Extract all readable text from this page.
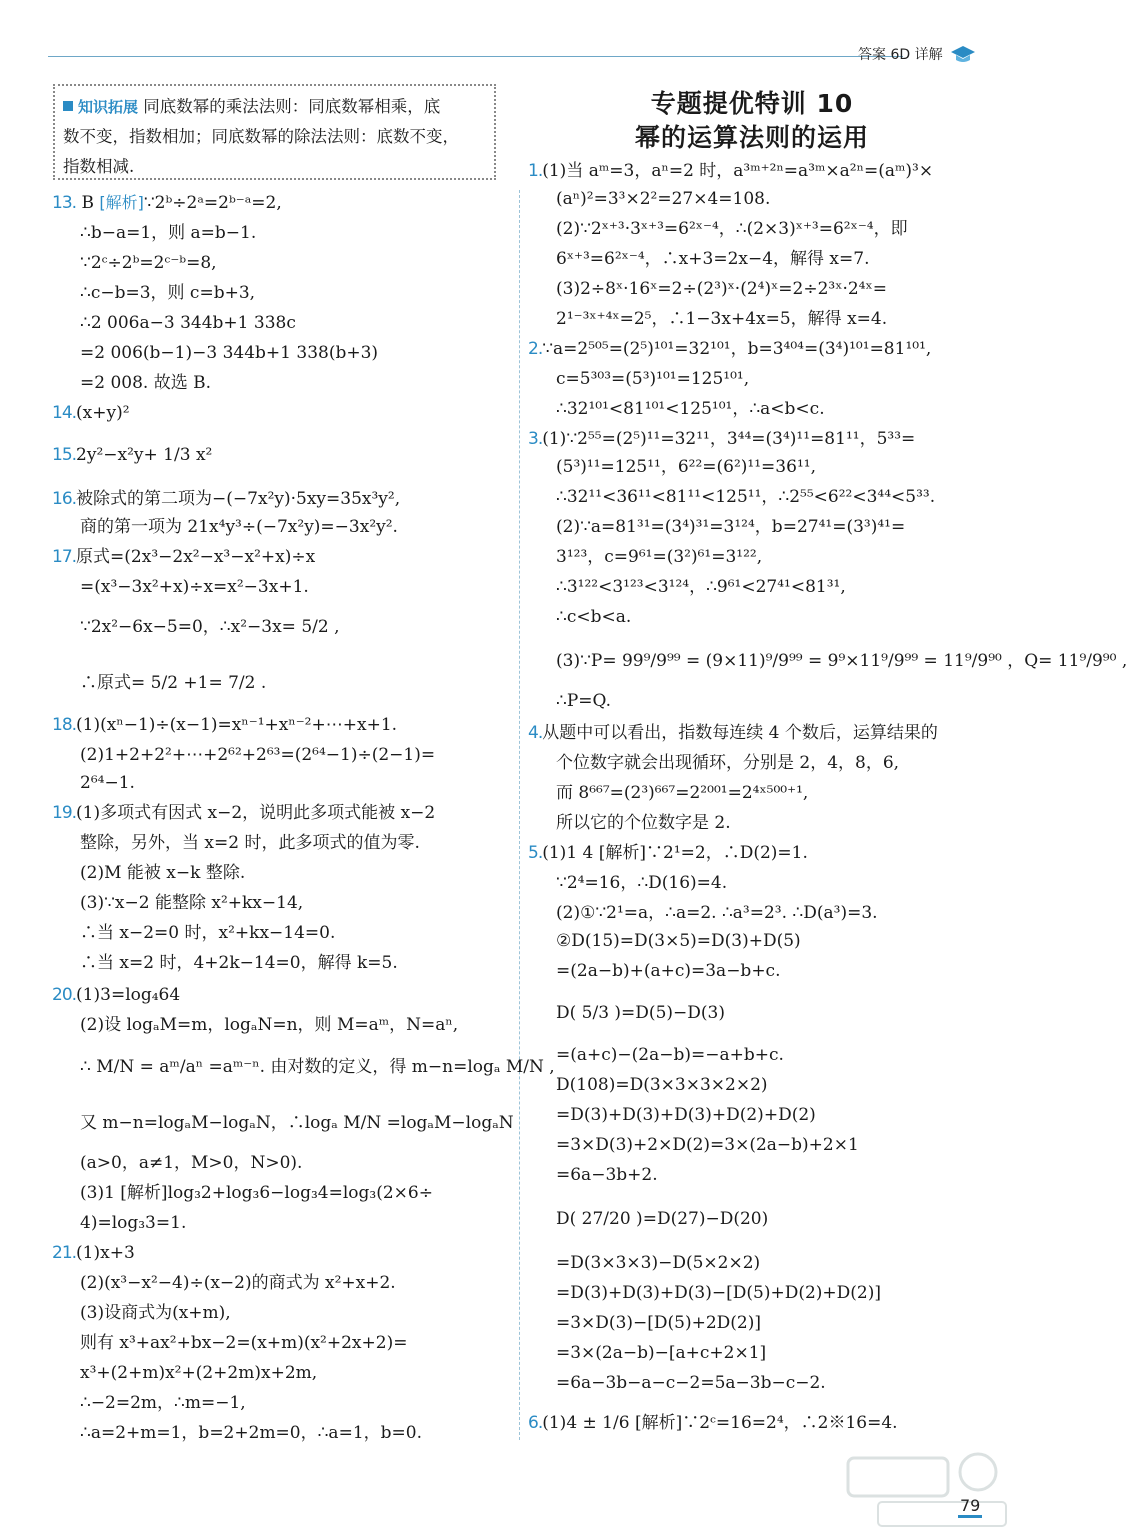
答案 6D 详解
知识拓展 同底数幂的乘法法则：同底数幂相乘，底
数不变，指数相加；同底数幂的除法法则：底数不变，
指数相减.
专题提优特训 10
幂的运算法则的运用
13. B [解析]∵2ᵇ÷2ᵃ=2ᵇ⁻ᵃ=2,
∴b−a=1，则 a=b−1.
∵2ᶜ÷2ᵇ=2ᶜ⁻ᵇ=8,
∴c−b=3，则 c=b+3,
∴2 006a−3 344b+1 338c
=2 006(b−1)−3 344b+1 338(b+3)
=2 008. 故选 B.
14.(x+y)²
15.2y²−x²y+ 1/3 x²
16.被除式的第二项为−(−7x²y)·5xy=35x³y²,
商的第一项为 21x⁴y³÷(−7x²y)=−3x²y².
17.原式=(2x³−2x²−x³−x²+x)÷x
=(x³−3x²+x)÷x=x²−3x+1.
∵2x²−6x−5=0，∴x²−3x= 5/2 ,
∴原式= 5/2 +1= 7/2 .
18.(1)(xⁿ−1)÷(x−1)=xⁿ⁻¹+xⁿ⁻²+⋯+x+1.
(2)1+2+2²+⋯+2⁶²+2⁶³=(2⁶⁴−1)÷(2−1)=
2⁶⁴−1.
19.(1)多项式有因式 x−2，说明此多项式能被 x−2
整除，另外，当 x=2 时，此多项式的值为零.
(2)M 能被 x−k 整除.
(3)∵x−2 能整除 x²+kx−14,
∴当 x−2=0 时，x²+kx−14=0.
∴当 x=2 时，4+2k−14=0，解得 k=5.
20.(1)3=log₄64
(2)设 logₐM=m，logₐN=n，则 M=aᵐ，N=aⁿ,
∴ M/N = aᵐ/aⁿ =aᵐ⁻ⁿ. 由对数的定义，得 m−n=logₐ M/N ,
又 m−n=logₐM−logₐN，∴logₐ M/N =logₐM−logₐN
(a>0，a≠1，M>0，N>0).
(3)1 [解析]log₃2+log₃6−log₃4=log₃(2×6÷
4)=log₃3=1.
21.(1)x+3
(2)(x³−x²−4)÷(x−2)的商式为 x²+x+2.
(3)设商式为(x+m),
则有 x³+ax²+bx−2=(x+m)(x²+2x+2)=
x³+(2+m)x²+(2+2m)x+2m,
∴−2=2m，∴m=−1,
∴a=2+m=1，b=2+2m=0，∴a=1，b=0.
1.(1)当 aᵐ=3，aⁿ=2 时，a³ᵐ⁺²ⁿ=a³ᵐ×a²ⁿ=(aᵐ)³×
(aⁿ)²=3³×2²=27×4=108.
(2)∵2ˣ⁺³·3ˣ⁺³=6²ˣ⁻⁴，∴(2×3)ˣ⁺³=6²ˣ⁻⁴，即
6ˣ⁺³=6²ˣ⁻⁴，∴x+3=2x−4，解得 x=7.
(3)2÷8ˣ·16ˣ=2÷(2³)ˣ·(2⁴)ˣ=2÷2³ˣ·2⁴ˣ=
2¹⁻³ˣ⁺⁴ˣ=2⁵，∴1−3x+4x=5，解得 x=4.
2.∵a=2⁵⁰⁵=(2⁵)¹⁰¹=32¹⁰¹，b=3⁴⁰⁴=(3⁴)¹⁰¹=81¹⁰¹,
c=5³⁰³=(5³)¹⁰¹=125¹⁰¹,
∴32¹⁰¹<81¹⁰¹<125¹⁰¹，∴a<b<c.
3.(1)∵2⁵⁵=(2⁵)¹¹=32¹¹，3⁴⁴=(3⁴)¹¹=81¹¹，5³³=
(5³)¹¹=125¹¹，6²²=(6²)¹¹=36¹¹,
∴32¹¹<36¹¹<81¹¹<125¹¹，∴2⁵⁵<6²²<3⁴⁴<5³³.
(2)∵a=81³¹=(3⁴)³¹=3¹²⁴，b=27⁴¹=(3³)⁴¹=
3¹²³，c=9⁶¹=(3²)⁶¹=3¹²²,
∴3¹²²<3¹²³<3¹²⁴，∴9⁶¹<27⁴¹<81³¹,
∴c<b<a.
(3)∵P= 99⁹/9⁹⁹ = (9×11)⁹/9⁹⁹ = 9⁹×11⁹/9⁹⁹ = 11⁹/9⁹⁰ ，Q= 11⁹/9⁹⁰ ,
∴P=Q.
4.从题中可以看出，指数每连续 4 个数后，运算结果的
个位数字就会出现循环，分别是 2，4，8，6,
而 8⁶⁶⁷=(2³)⁶⁶⁷=2²⁰⁰¹=2⁴ˣ⁵⁰⁰⁺¹,
所以它的个位数字是 2.
5.(1)1 4 [解析]∵2¹=2，∴D(2)=1.
∵2⁴=16，∴D(16)=4.
(2)①∵2¹=a，∴a=2. ∴a³=2³. ∴D(a³)=3.
②D(15)=D(3×5)=D(3)+D(5)
=(2a−b)+(a+c)=3a−b+c.
D( 5/3 )=D(5)−D(3)
=(a+c)−(2a−b)=−a+b+c.
D(108)=D(3×3×3×2×2)
=D(3)+D(3)+D(3)+D(2)+D(2)
=3×D(3)+2×D(2)=3×(2a−b)+2×1
=6a−3b+2.
D( 27/20 )=D(27)−D(20)
=D(3×3×3)−D(5×2×2)
=D(3)+D(3)+D(3)−[D(5)+D(2)+D(2)]
=3×D(3)−[D(5)+2D(2)]
=3×(2a−b)−[a+c+2×1]
=6a−3b−a−c−2=5a−3b−c−2.
6.(1)4 ± 1/6 [解析]∵2ᶜ=16=2⁴，∴2※16=4.
79
